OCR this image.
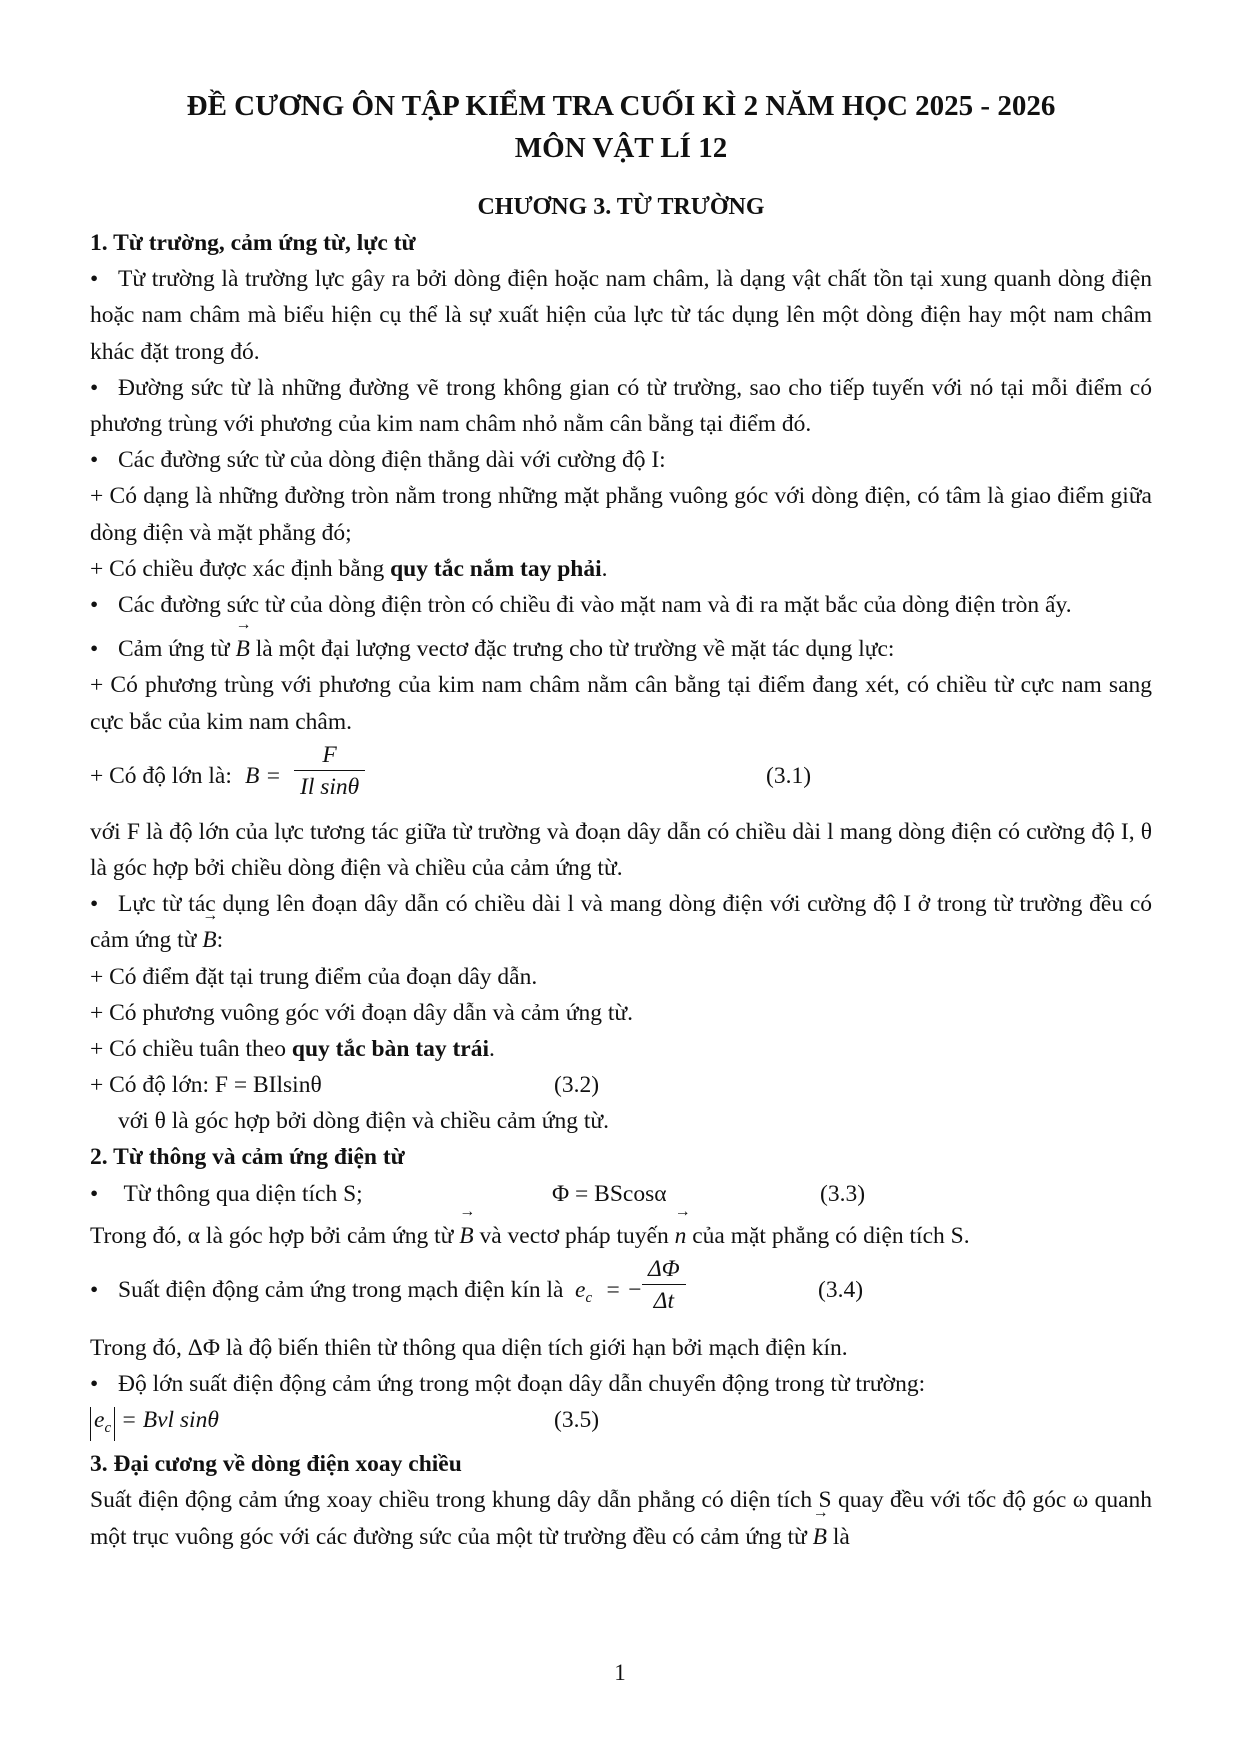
ĐỀ CƯƠNG ÔN TẬP KIỂM TRA CUỐI KÌ 2 NĂM HỌC 2025 - 2026

MÔN VẬT LÍ 12

CHƯƠNG 3. TỪ TRƯỜNG

1. Từ trường, cảm ứng từ, lực từ

• Từ trường là trường lực gây ra bởi dòng điện hoặc nam châm, là dạng vật chất tồn tại xung quanh dòng điện hoặc nam châm mà biểu hiện cụ thể là sự xuất hiện của lực từ tác dụng lên một dòng điện hay một nam châm khác đặt trong đó.

• Đường sức từ là những đường vẽ trong không gian có từ trường, sao cho tiếp tuyến với nó tại mỗi điểm có phương trùng với phương của kim nam châm nhỏ nằm cân bằng tại điểm đó.

• Các đường sức từ của dòng điện thẳng dài với cường độ I:

+ Có dạng là những đường tròn nằm trong những mặt phẳng vuông góc với dòng điện, có tâm là giao điểm giữa dòng điện và mặt phẳng đó;

+ Có chiều được xác định bằng quy tắc nắm tay phải.

• Các đường sức từ của dòng điện tròn có chiều đi vào mặt nam và đi ra mặt bắc của dòng điện tròn ấy.

• Cảm ứng từ → B là một đại lượng vectơ đặc trưng cho từ trường về mặt tác dụng lực:

+ Có phương trùng với phương của kim nam châm nằm cân bằng tại điểm đang xét, có chiều từ cực nam sang cực bắc của kim nam châm.

+ Có độ lớn là: $B = \frac{F}{\text{Il sinθ}}$	(3.1)

với F là độ lớn của lực tương tác giữa từ trường và đoạn dây dẫn có chiều dài l mang dòng điện có cường độ I, θ là góc hợp bởi chiều dòng điện và chiều của cảm ứng từ.

• Lực từ tác dụng lên đoạn dây dẫn có chiều dài l và mang dòng điện với cường độ I ở trong từ trường đều có cảm ứng từ → B:

+ Có điểm đặt tại trung điểm của đoạn dây dẫn.

+ Có phương vuông góc với đoạn dây dẫn và cảm ứng từ.

+ Có chiều tuân theo quy tắc bàn tay trái.

+ Có độ lớn: F = BIlsinθ	(3.2)

với θ là góc hợp bởi dòng điện và chiều cảm ứng từ.

2. Từ thông và cảm ứng điện từ

• Từ thông qua diện tích S;	Φ = BScosα	(3.3)

Trong đó, α là góc hợp bởi cảm ứng từ → B và vectơ pháp tuyến → n của mặt phẳng có diện tích S.

• Suất điện động cảm ứng trong mạch điện kín là $e_c$ = − $\frac{\Delta\Phi}{\Delta t}$	(3.4)

Trong đó, ΔΦ là độ biến thiên từ thông qua diện tích giới hạn bởi mạch điện kín.

• Độ lớn suất điện động cảm ứng trong một đoạn dây dẫn chuyển động trong từ trường:

$e_c$ = Bvl sinθ	(3.5)

3. Đại cương về dòng điện xoay chiều

Suất điện động cảm ứng xoay chiều trong khung dây dẫn phẳng có diện tích S quay đều với tốc độ góc ω quanh một trục vuông góc với các đường sức của một từ trường đều có cảm ứng từ → B là

1
